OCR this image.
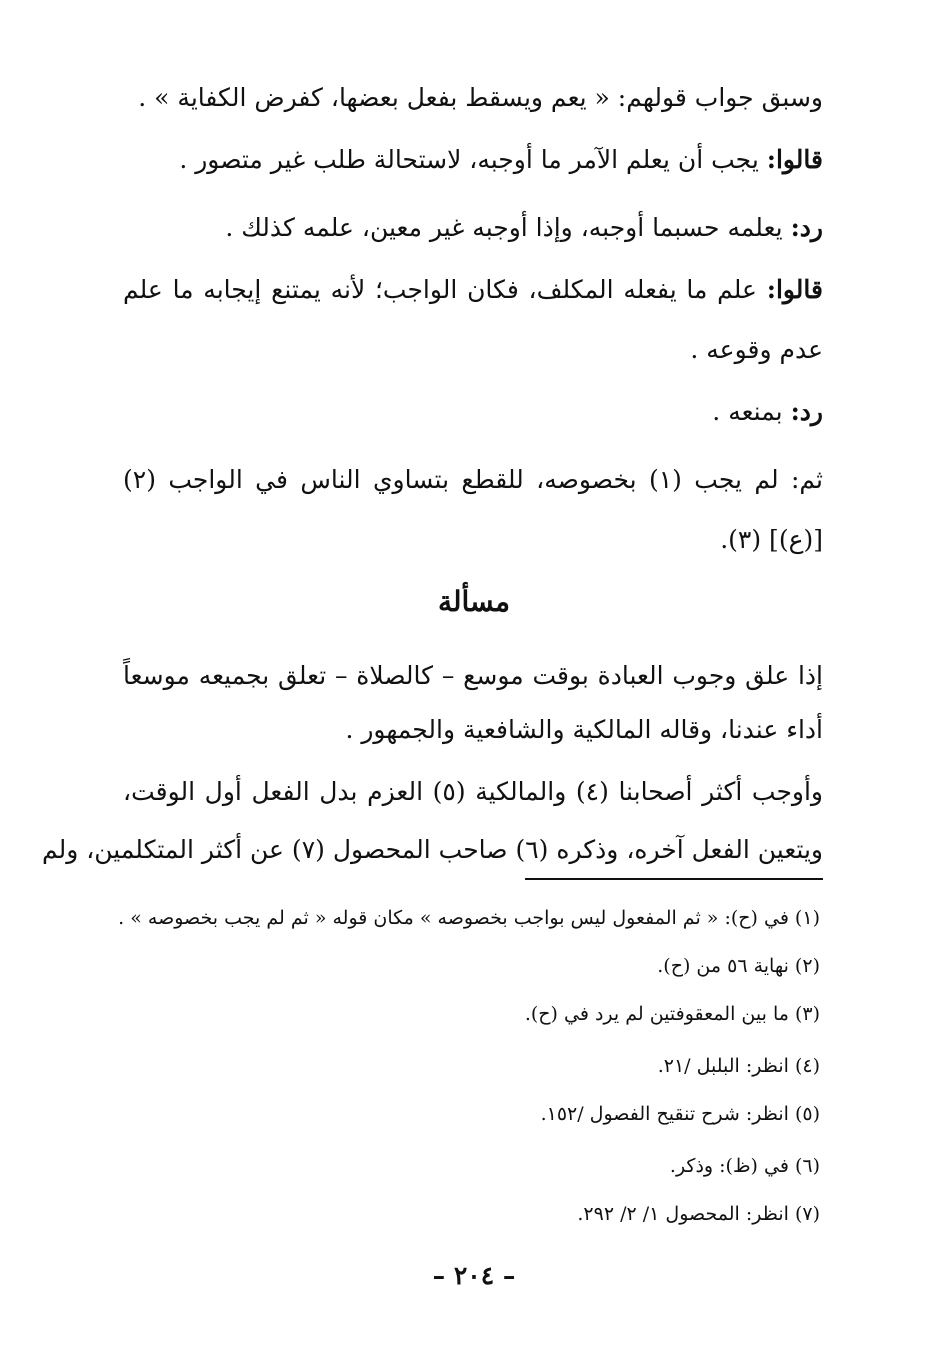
وسبق جواب قولهم: « يعم ويسقط بفعل بعضها، كفرض الكفاية » .
قالوا: يجب أن يعلم الآمر ما أوجبه، لاستحالة طلب غير متصور .
رد: يعلمه حسبما أوجبه، وإذا أوجبه غير معين، علمه كذلك .
قالوا: علم ما يفعله المكلف، فكان الواجب؛ لأنه يمتنع إيجابه ما علم
عدم وقوعه .
رد: بمنعه .
ثم: لم يجب (١) بخصوصه، للقطع بتساوي الناس في الواجب (٢)
[(ع)] (٣).
مسألة
إذا علق وجوب العبادة بوقت موسع – كالصلاة – تعلق بجميعه موسعاً
أداء عندنا، وقاله المالكية والشافعية والجمهور .
وأوجب أكثر أصحابنا (٤) والمالكية (٥) العزم بدل الفعل أول الوقت،
ويتعين الفعل آخره، وذكره (٦) صاحب المحصول (٧) عن أكثر المتكلمين، ولم
(١) في (ح): « ثم المفعول ليس بواجب بخصوصه » مكان قوله « ثم لم يجب بخصوصه » .
(٢) نهاية ٥٦ من (ح).
(٣) ما بين المعقوفتين لم يرد في (ح).
(٤) انظر: البلبل /٢١.
(٥) انظر: شرح تنقيح الفصول /١٥٢.
(٦) في (ظ): وذكر.
(٧) انظر: المحصول ١/ ٢/ ٢٩٢.
– ٢٠٤ –
